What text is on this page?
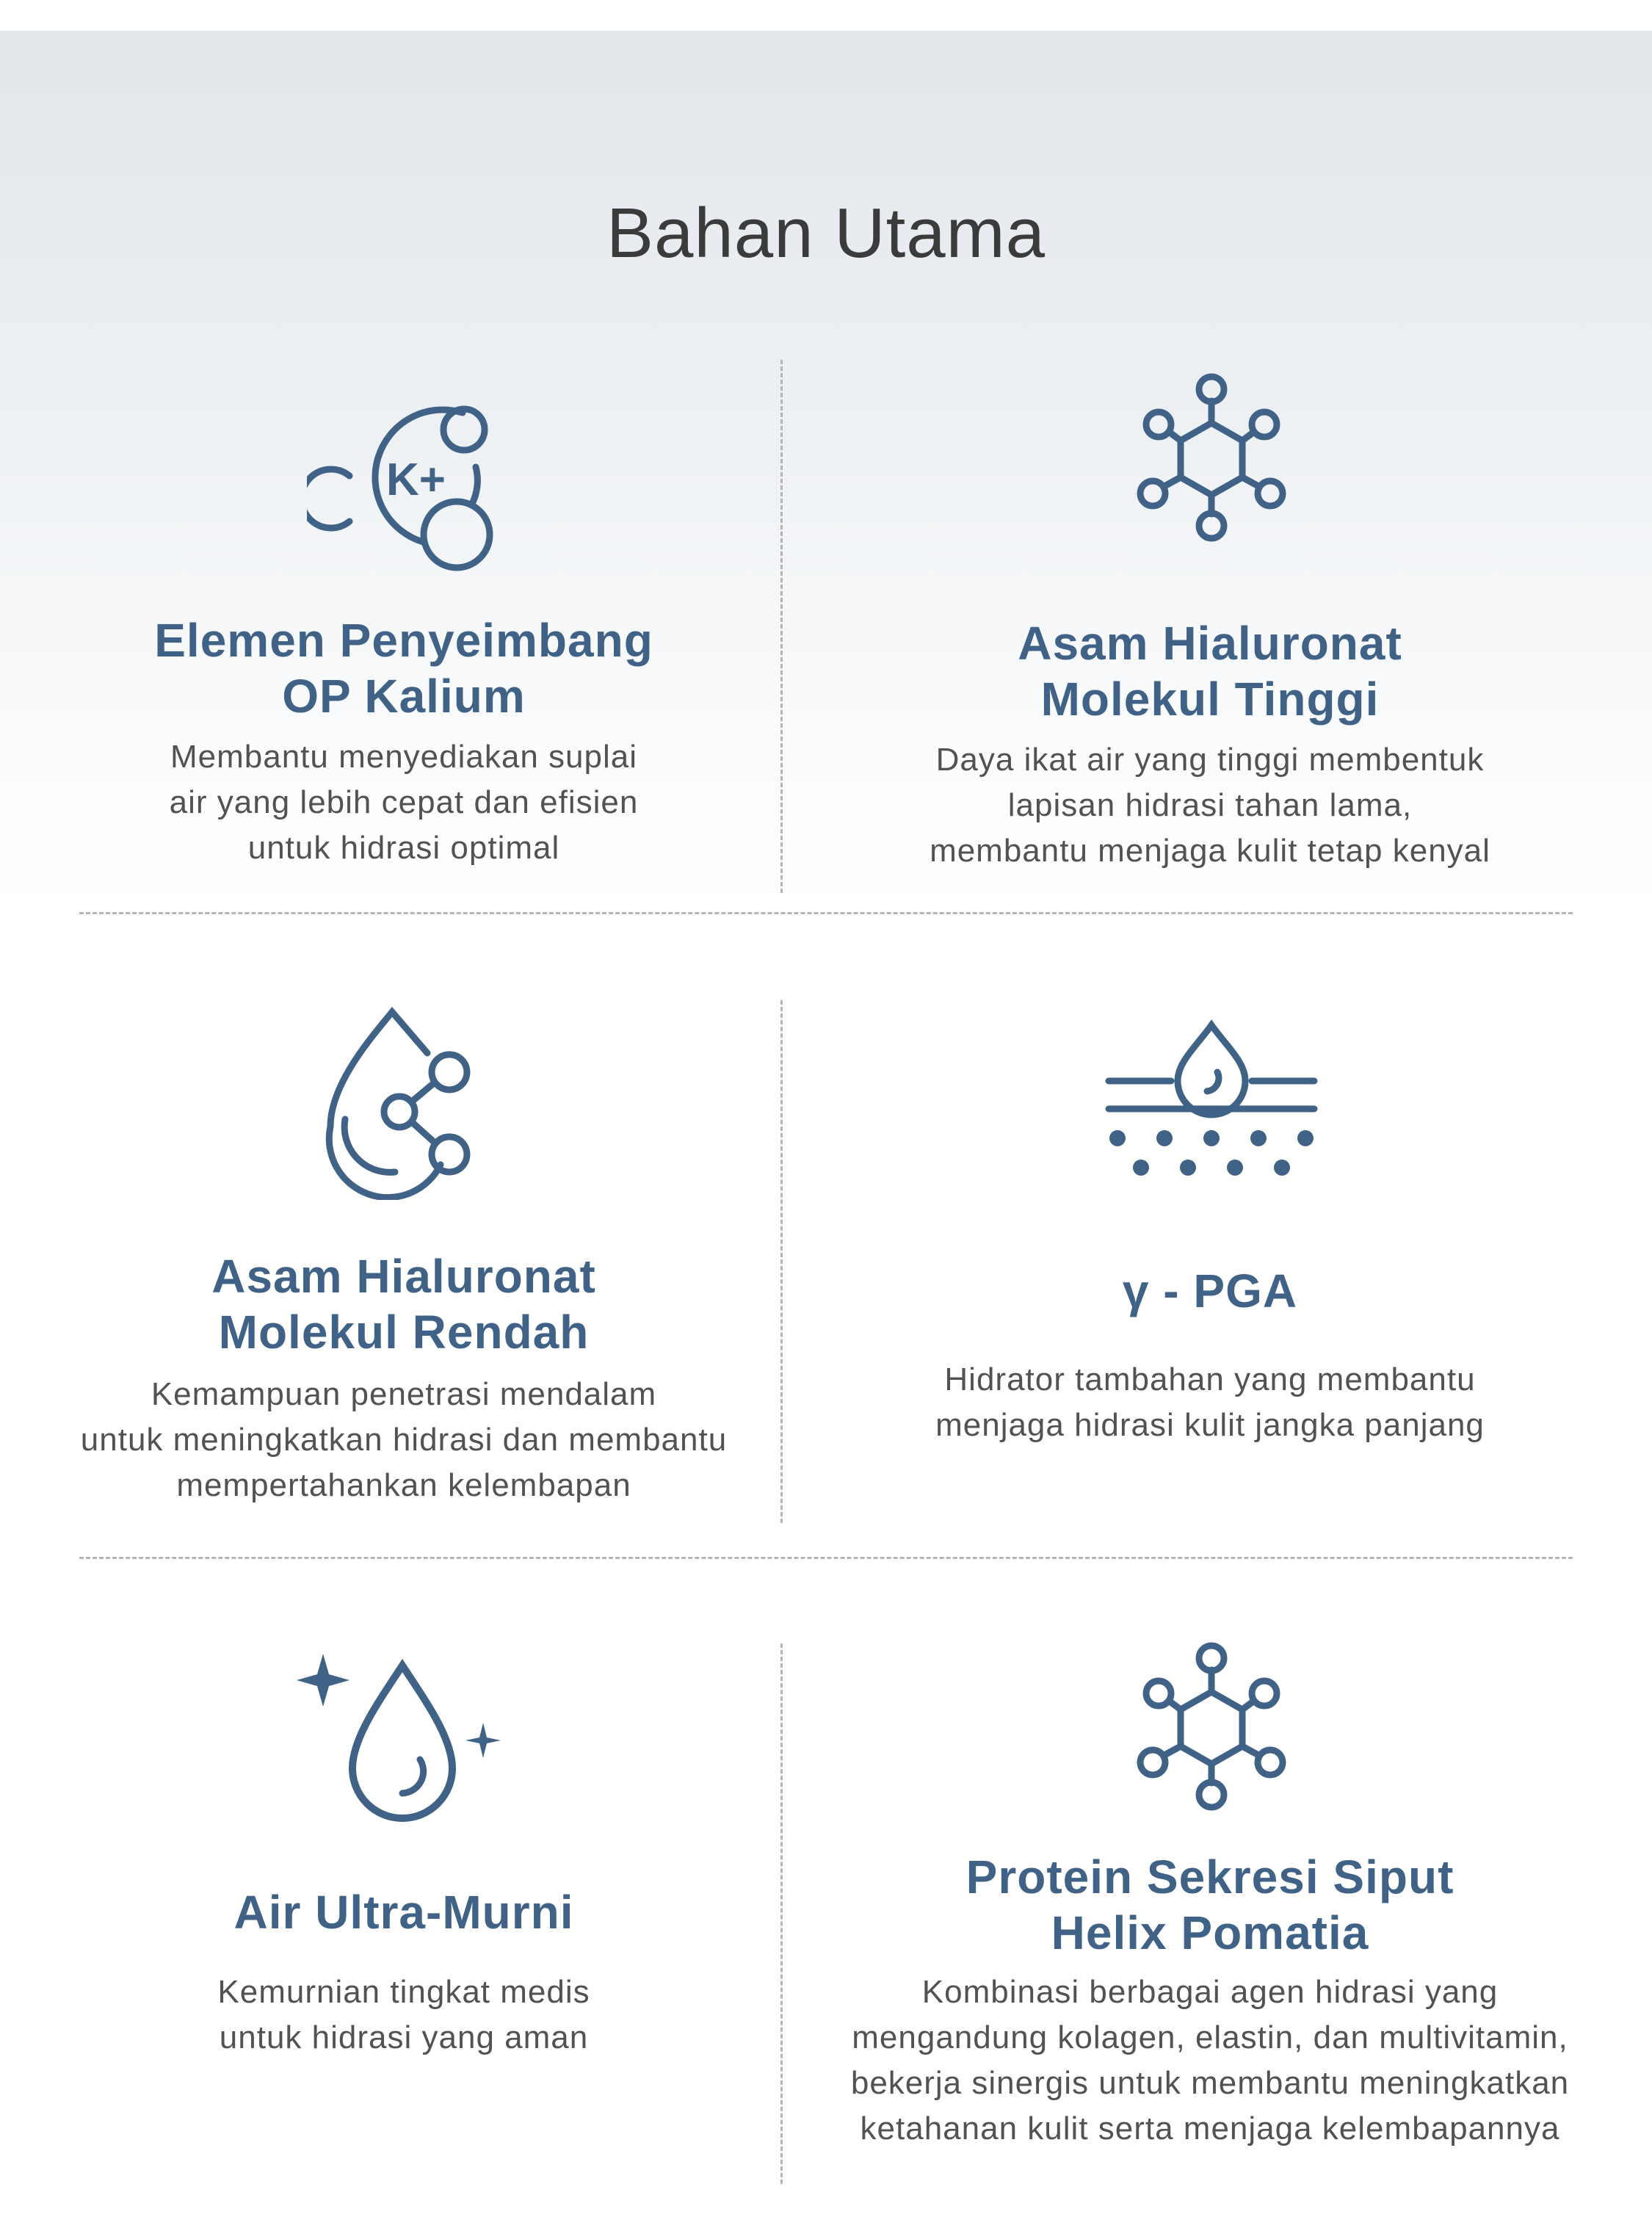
Bahan Utama
K+
Elemen Penyeimbang
OP Kalium

Membantu menyediakan suplai
air yang lebih cepat dan efisien
untuk hidrasi optimal

Asam Hialuronat
Molekul Tinggi

Daya ikat air yang tinggi membentuk
lapisan hidrasi tahan lama,
membantu menjaga kulit tetap kenyal

Asam Hialuronat
Molekul Rendah

Kemampuan penetrasi mendalam
untuk meningkatkan hidrasi dan membantu
mempertahankan kelembapan

γ - PGA

Hidrator tambahan yang membantu
menjaga hidrasi kulit jangka panjang

Air Ultra-Murni

Kemurnian tingkat medis
untuk hidrasi yang aman

Protein Sekresi Siput
Helix Pomatia

Kombinasi berbagai agen hidrasi yang
mengandung kolagen, elastin, dan multivitamin,
bekerja sinergis untuk membantu meningkatkan
ketahanan kulit serta menjaga kelembapannya
